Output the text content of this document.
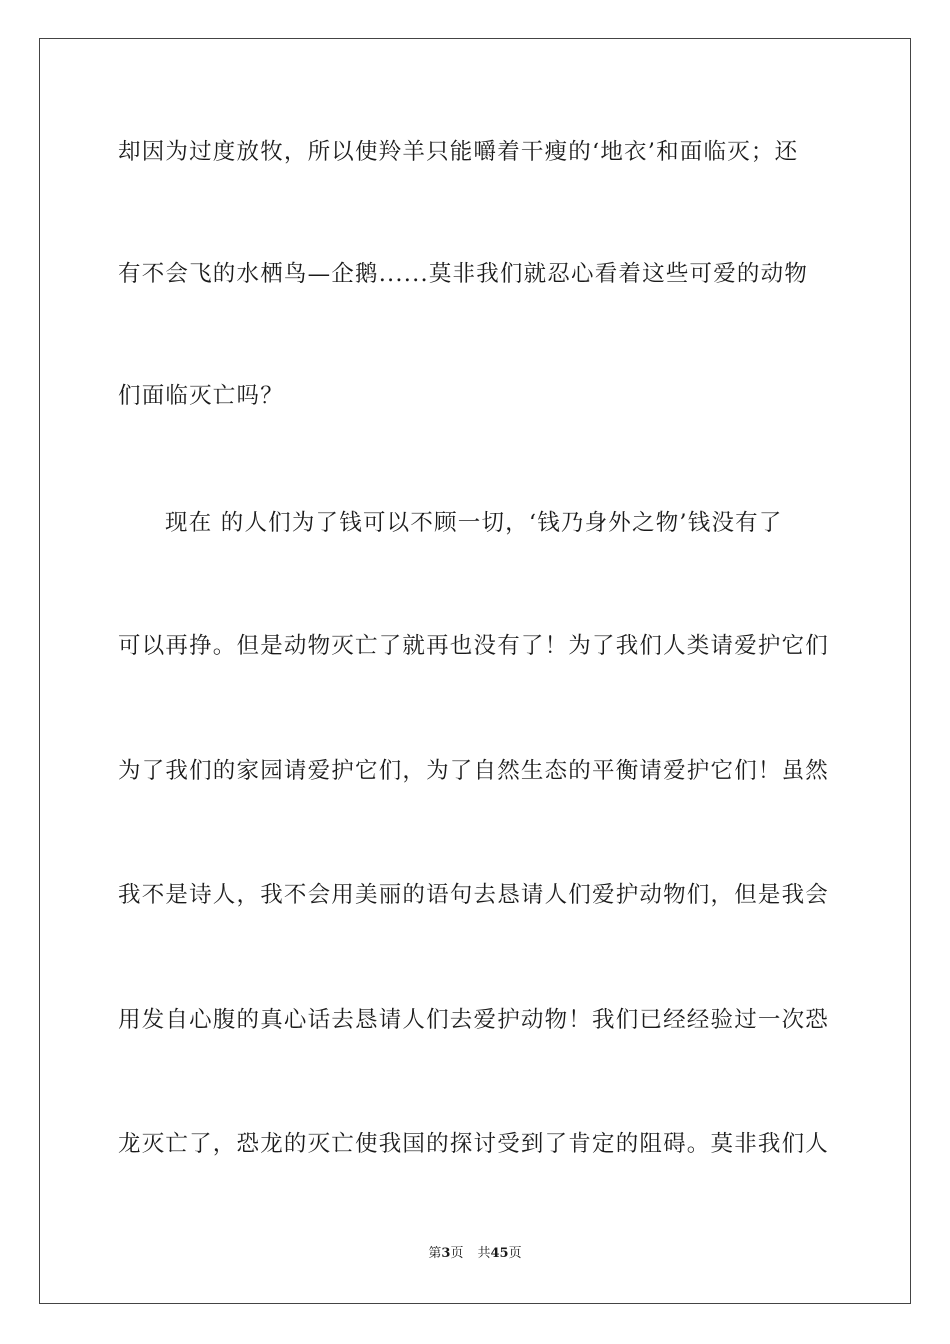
却因为过度放牧，所以使羚羊只能嚼着干瘦的‘地衣’和面临灭；还
有不会飞的水栖鸟—企鹅......莫非我们就忍心看着这些可爱的动物
们面临灭亡吗？
现在 的人们为了钱可以不顾一切，‘钱乃身外之物’钱没有了
可以再挣。但是动物灭亡了就再也没有了！为了我们人类请爱护它们
为了我们的家园请爱护它们，为了自然生态的平衡请爱护它们！虽然
我不是诗人，我不会用美丽的语句去恳请人们爱护动物们，但是我会
用发自心腹的真心话去恳请人们去爱护动物！我们已经经验过一次恐
龙灭亡了，恐龙的灭亡使我国的探讨受到了肯定的阻碍。莫非我们人
第3页 共45页
